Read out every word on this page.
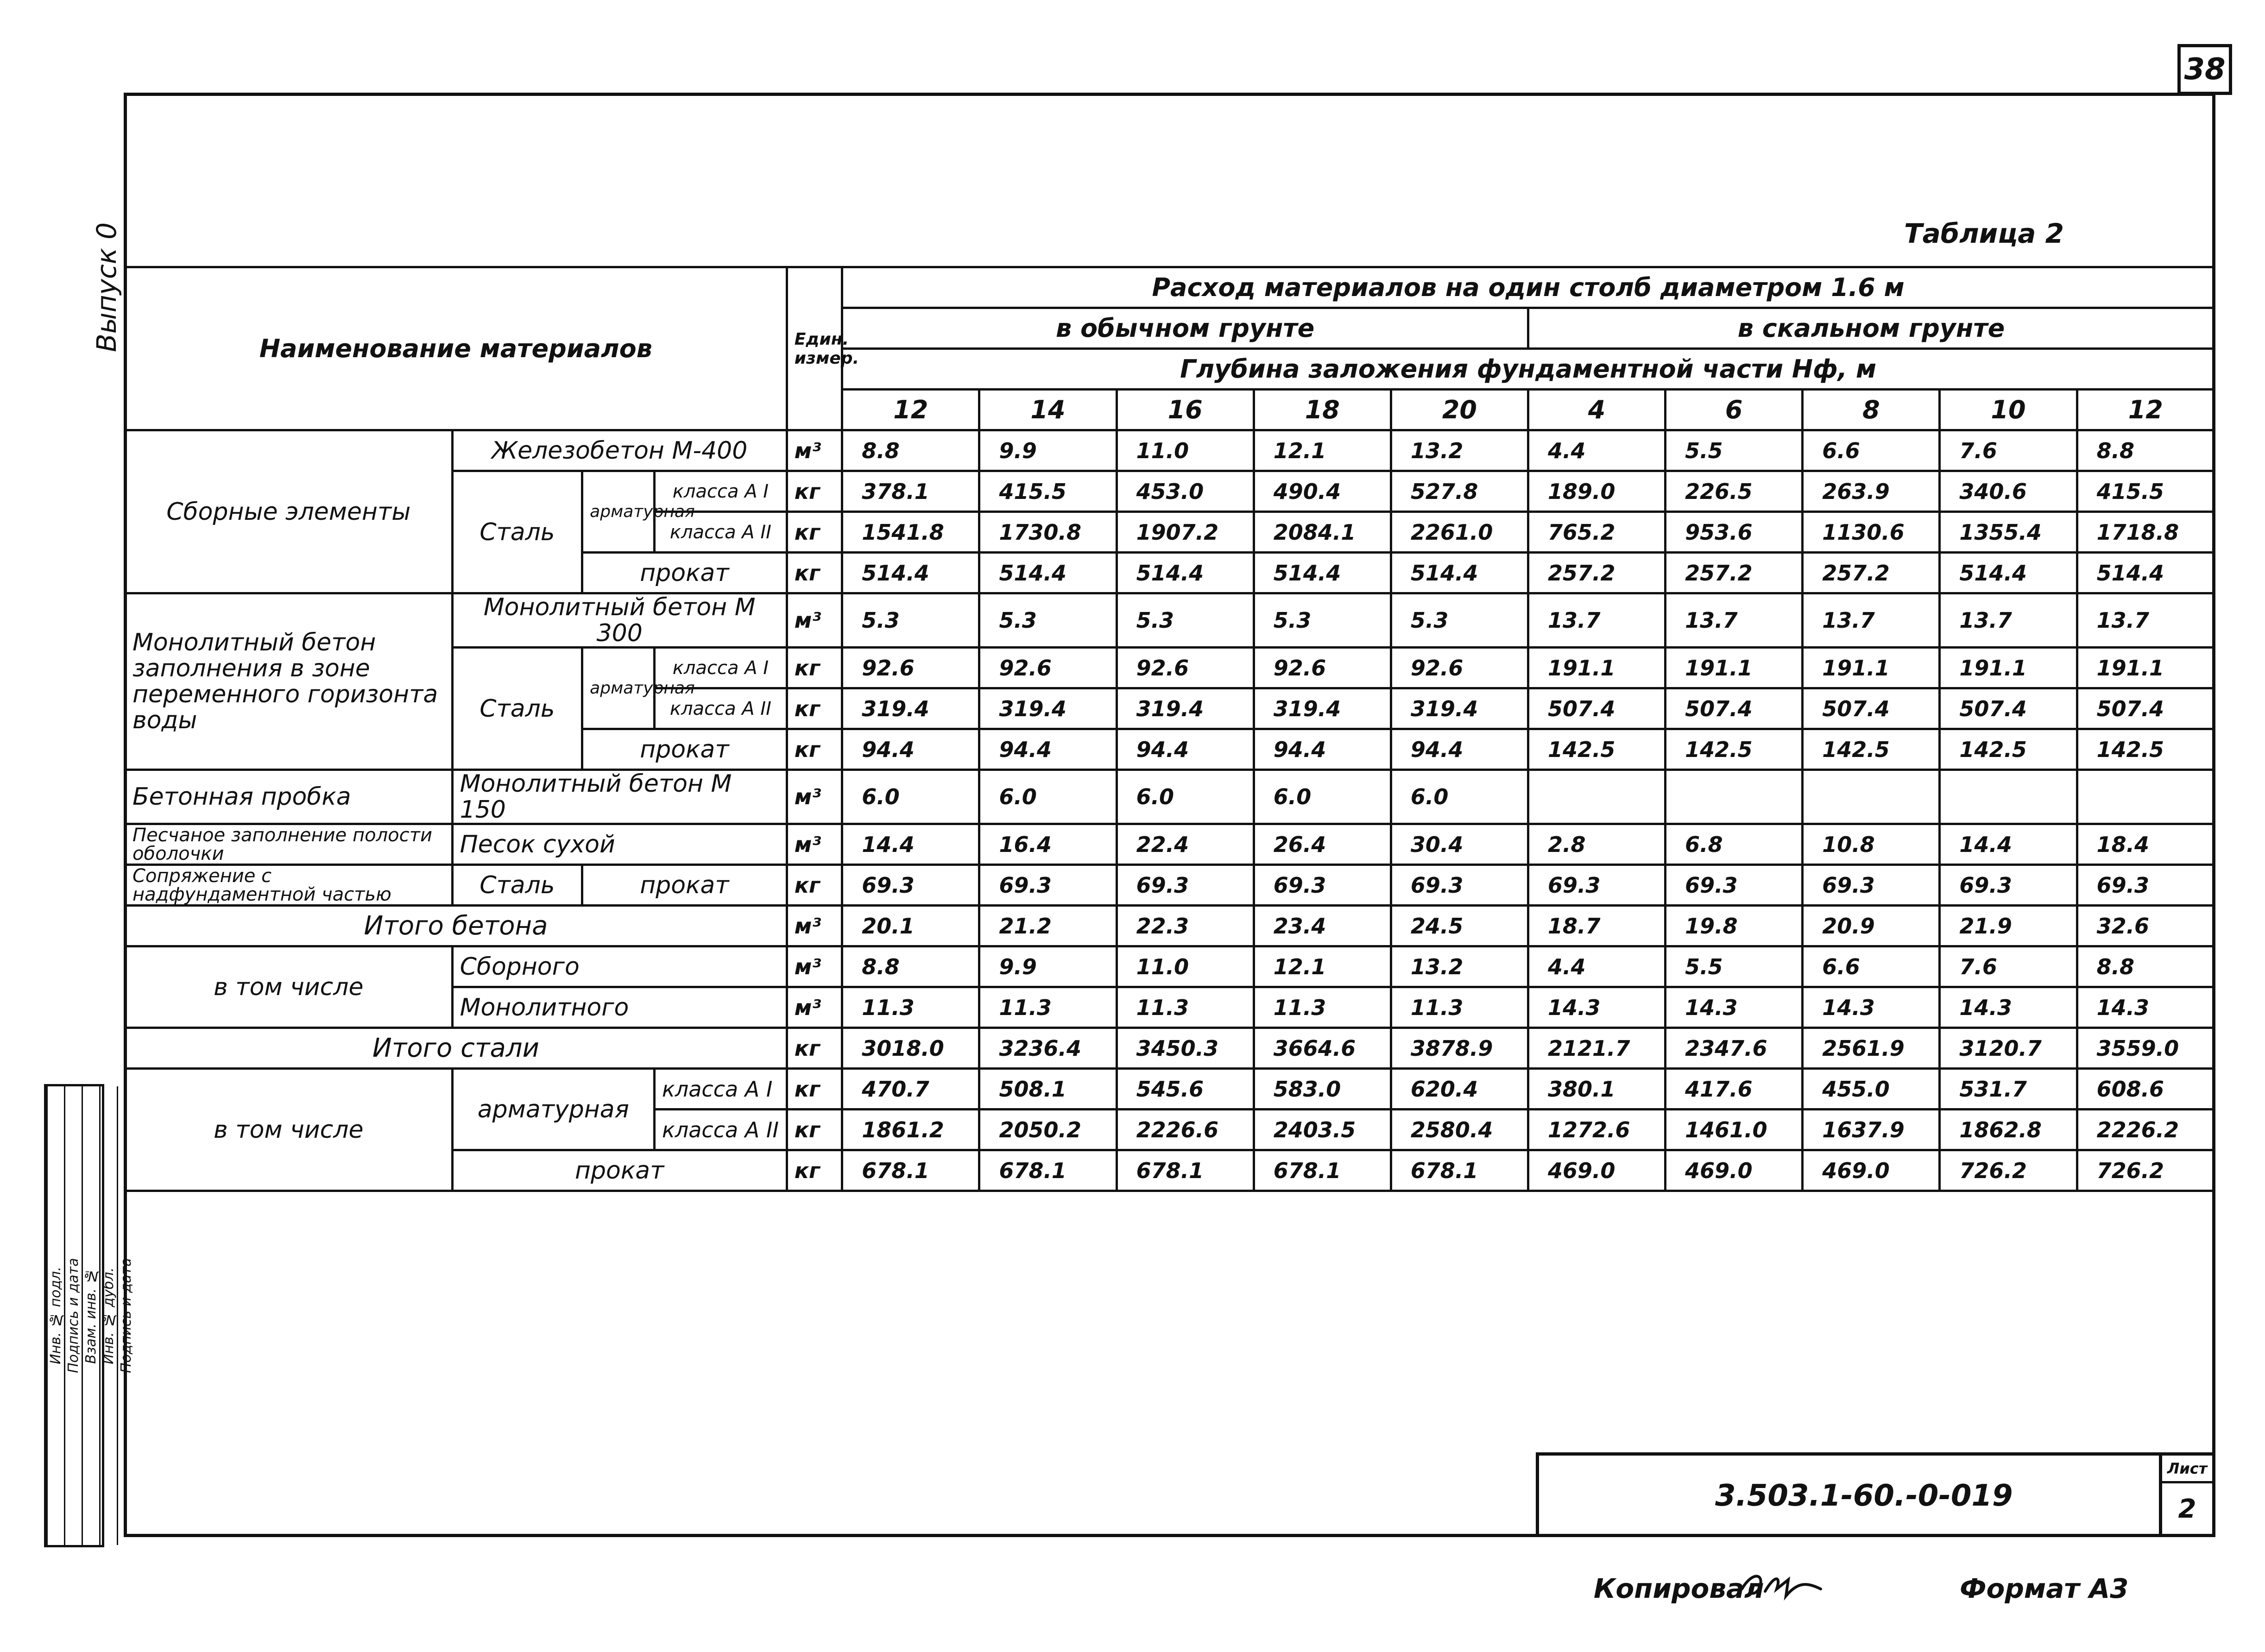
38
Выпуск 0	Таблица 2
Наименование материалов				Един. измер.	Расход материалов на один столб диаметром 1.6 м									
					в обычном грунте					в скальном грунте				
					Глубина заложения фундаментной части Нф, м									
					12	14	16	18	20	4	6	8	10	12
Сборные элементы	Железобетон М-400			м³	8.8	9.9	11.0	12.1	13.2	4.4	5.5	6.6	7.6	8.8
	Сталь	арматурная	класса А I	кг	378.1	415.5	453.0	490.4	527.8	189.0	226.5	263.9	340.6	415.5
			класса А II	кг	1541.8	1730.8	1907.2	2084.1	2261.0	765.2	953.6	1130.6	1355.4	1718.8
		прокат		кг	514.4	514.4	514.4	514.4	514.4	257.2	257.2	257.2	514.4	514.4
Монолитный бетон заполнения в зоне переменного горизонта воды	Монолитный бетон М 300			м³	5.3	5.3	5.3	5.3	5.3	13.7	13.7	13.7	13.7	13.7
	Сталь	арматурная	класса А I	кг	92.6	92.6	92.6	92.6	92.6	191.1	191.1	191.1	191.1	191.1
			класса А II	кг	319.4	319.4	319.4	319.4	319.4	507.4	507.4	507.4	507.4	507.4
		прокат		кг	94.4	94.4	94.4	94.4	94.4	142.5	142.5	142.5	142.5	142.5
Бетонная пробка	Монолитный бетон М 150			м³	6.0	6.0	6.0	6.0	6.0					
Песчаное заполнение полости оболочки	Песок сухой			м³	14.4	16.4	22.4	26.4	30.4	2.8	6.8	10.8	14.4	18.4
Сопряжение с надфундаментной частью	Сталь	прокат		кг	69.3	69.3	69.3	69.3	69.3	69.3	69.3	69.3	69.3	69.3
Итого бетона				м³	20.1	21.2	22.3	23.4	24.5	18.7	19.8	20.9	21.9	32.6
в том числе	Сборного			м³	8.8	9.9	11.0	12.1	13.2	4.4	5.5	6.6	7.6	8.8
	Монолитного			м³	11.3	11.3	11.3	11.3	11.3	14.3	14.3	14.3	14.3	14.3
Итого стали				кг	3018.0	3236.4	3450.3	3664.6	3878.9	2121.7	2347.6	2561.9	3120.7	3559.0
в том числе	арматурная		класса А I	кг	470.7	508.1	545.6	583.0	620.4	380.1	417.6	455.0	531.7	608.6
			класса А II	кг	1861.2	2050.2	2226.6	2403.5	2580.4	1272.6	1461.0	1637.9	1862.8	2226.2
	прокат			кг	678.1	678.1	678.1	678.1	678.1	469.0	469.0	469.0	726.2	726.2
Инв. № подл. Подпись и дата Взам. инв. № Инв. № дубл. Подпись и дата
3.503.1-60.-0-019
Лист
2
Копировал	Формат А3
